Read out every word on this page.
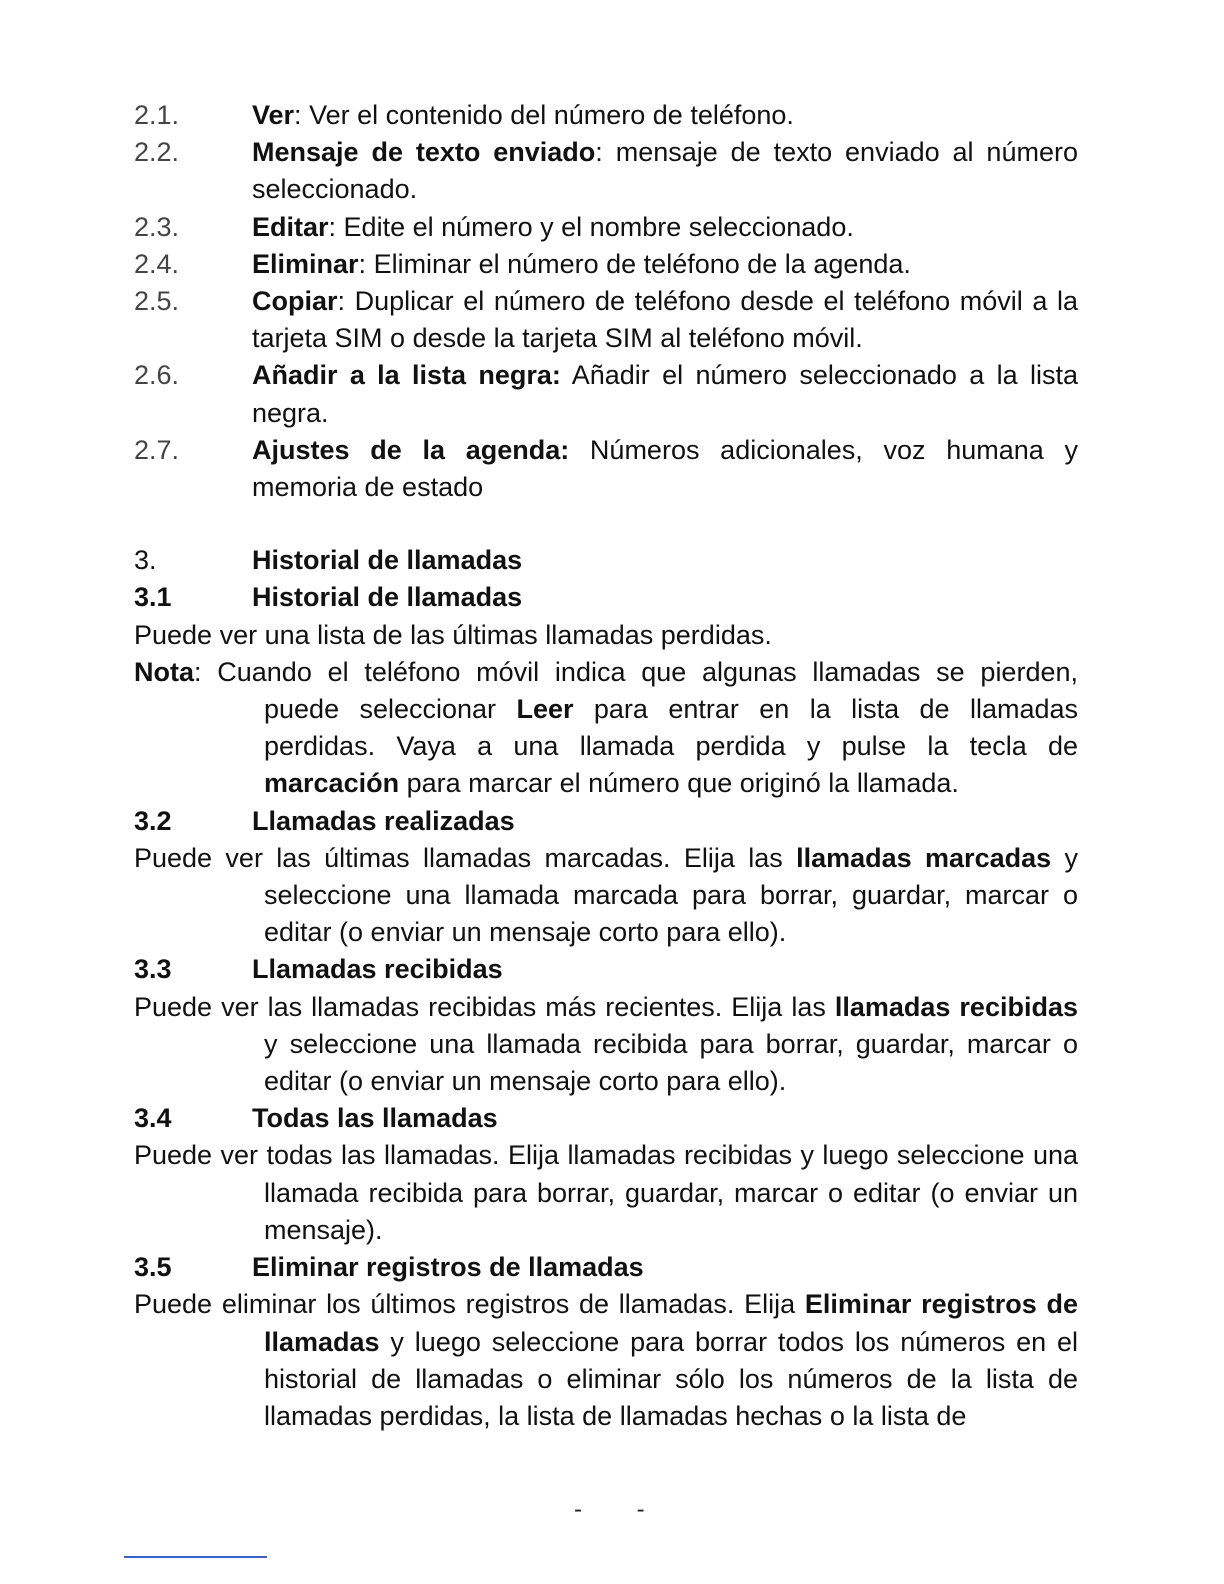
2.1.	Ver: Ver el contenido del número de teléfono.
2.2.	Mensaje de texto enviado: mensaje de texto enviado al número seleccionado.
2.3.	Editar: Edite el número y el nombre seleccionado.
2.4.	Eliminar: Eliminar el número de teléfono de la agenda.
2.5.	Copiar: Duplicar el número de teléfono desde el teléfono móvil a la tarjeta SIM o desde la tarjeta SIM al teléfono móvil.
2.6.	Añadir a la lista negra: Añadir el número seleccionado a la lista negra.
2.7.	Ajustes de la agenda: Números adicionales, voz humana y memoria de estado
3.	Historial de llamadas
3.1	Historial de llamadas
Puede ver una lista de las últimas llamadas perdidas.
Nota: Cuando el teléfono móvil indica que algunas llamadas se pierden, puede seleccionar Leer para entrar en la lista de llamadas perdidas. Vaya a una llamada perdida y pulse la tecla de marcación para marcar el número que originó la llamada.
3.2	Llamadas realizadas
Puede ver las últimas llamadas marcadas. Elija las llamadas marcadas y seleccione una llamada marcada para borrar, guardar, marcar o editar (o enviar un mensaje corto para ello).
3.3	Llamadas recibidas
Puede ver las llamadas recibidas más recientes. Elija las llamadas recibidas y seleccione una llamada recibida para borrar, guardar, marcar o editar (o enviar un mensaje corto para ello).
3.4	Todas las llamadas
Puede ver todas las llamadas. Elija llamadas recibidas y luego seleccione una llamada recibida para borrar, guardar, marcar o editar (o enviar un mensaje).
3.5	Eliminar registros de llamadas
Puede eliminar los últimos registros de llamadas. Elija Eliminar registros de llamadas y luego seleccione para borrar todos los números en el historial de llamadas o eliminar sólo los números de la lista de llamadas perdidas, la lista de llamadas hechas o la lista de
- -
